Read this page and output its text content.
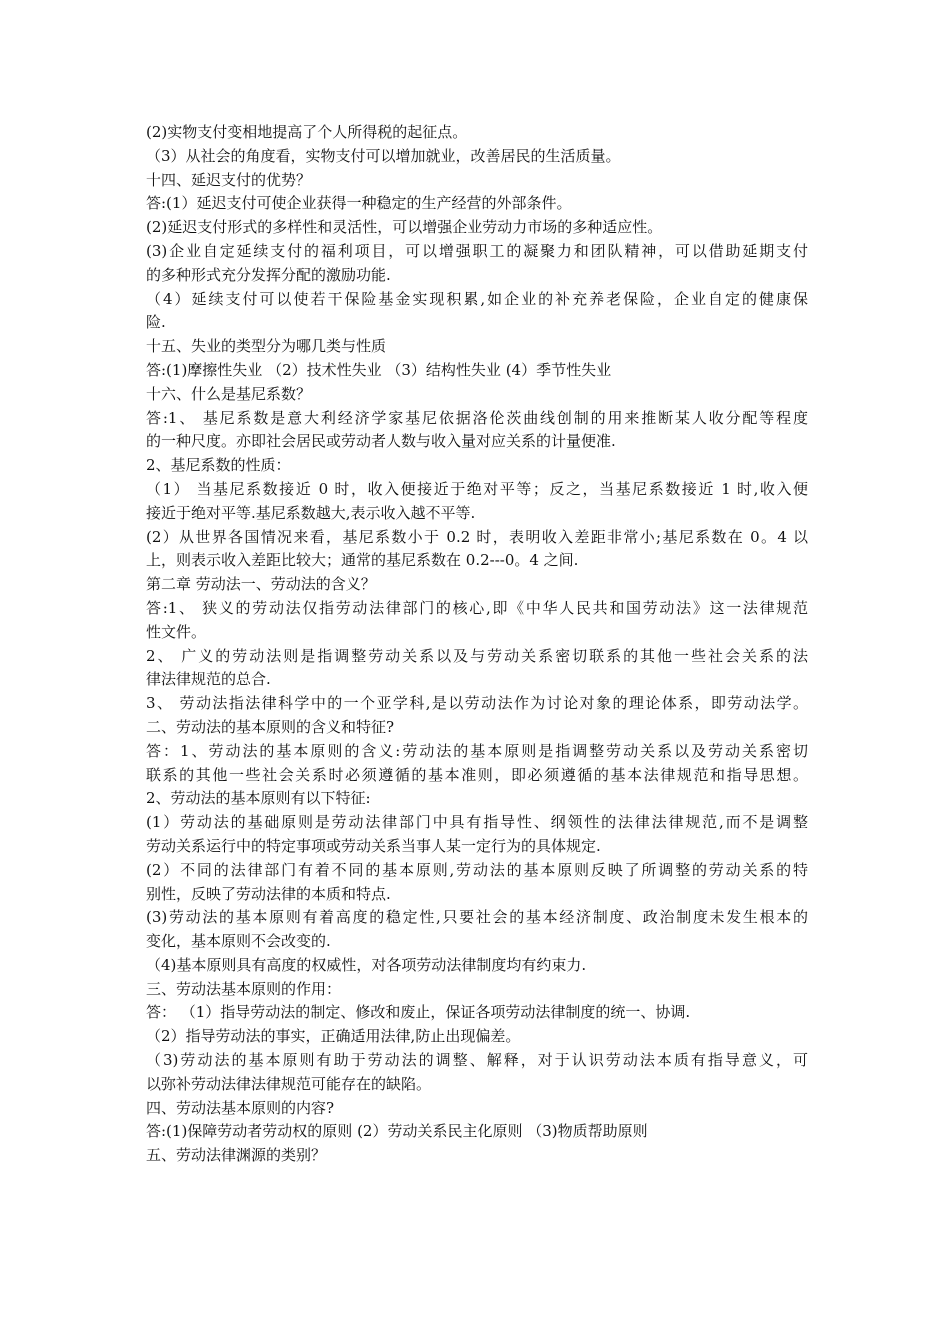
(2)实物支付变相地提高了个人所得税的起征点。
（3）从社会的角度看，实物支付可以增加就业，改善居民的生活质量。
十四、延迟支付的优势？
答:(1）延迟支付可使企业获得一种稳定的生产经营的外部条件。
(2)延迟支付形式的多样性和灵活性，可以增强企业劳动力市场的多种适应性。
(3)企业自定延续支付的福利项目，可以增强职工的凝聚力和团队精神，可以借助延期支付
的多种形式充分发挥分配的激励功能.
（4）延续支付可以使若干保险基金实现积累,如企业的补充养老保险，企业自定的健康保
险.
十五、失业的类型分为哪几类与性质
答:(1)摩擦性失业 （2）技术性失业 （3）结构性失业 (4）季节性失业
十六、什么是基尼系数？
答:1、 基尼系数是意大利经济学家基尼依据洛伦茨曲线创制的用来推断某人收分配等程度
的一种尺度。亦即社会居民或劳动者人数与收入量对应关系的计量便准.
2、基尼系数的性质：
（1） 当基尼系数接近 0 时，收入便接近于绝对平等；反之，当基尼系数接近 1 时,收入便
接近于绝对平等.基尼系数越大,表示收入越不平等.
(2）从世界各国情况来看，基尼系数小于 0.2 时，表明收入差距非常小;基尼系数在 0。4 以
上，则表示收入差距比较大；通常的基尼系数在 0.2---0。4 之间.
第二章 劳动法一、劳动法的含义？
答:1、 狭义的劳动法仅指劳动法律部门的核心,即《中华人民共和国劳动法》这一法律规范
性文件。
2、 广义的劳动法则是指调整劳动关系以及与劳动关系密切联系的其他一些社会关系的法
律法律规范的总合.
3、 劳动法指法律科学中的一个亚学科,是以劳动法作为讨论对象的理论体系，即劳动法学。
二、劳动法的基本原则的含义和特征?
答：1、劳动法的基本原则的含义:劳动法的基本原则是指调整劳动关系以及劳动关系密切
联系的其他一些社会关系时必须遵循的基本准则，即必须遵循的基本法律规范和指导思想。
2、劳动法的基本原则有以下特征:
(1）劳动法的基础原则是劳动法律部门中具有指导性、纲领性的法律法律规范,而不是调整
劳动关系运行中的特定事项或劳动关系当事人某一定行为的具体规定.
(2）不同的法律部门有着不同的基本原则,劳动法的基本原则反映了所调整的劳动关系的特
别性，反映了劳动法律的本质和特点.
(3)劳动法的基本原则有着高度的稳定性,只要社会的基本经济制度、政治制度未发生根本的
变化，基本原则不会改变的.
（4)基本原则具有高度的权威性，对各项劳动法律制度均有约束力.
三、劳动法基本原则的作用：
答： （1）指导劳动法的制定、修改和废止，保证各项劳动法律制度的统一、协调.
（2）指导劳动法的事实，正确适用法律,防止出现偏差。
（3)劳动法的基本原则有助于劳动法的调整、解释，对于认识劳动法本质有指导意义，可
以弥补劳动法律法律规范可能存在的缺陷。
四、劳动法基本原则的内容?
答:(1)保障劳动者劳动权的原则 (2）劳动关系民主化原则 （3)物质帮助原则
五、劳动法律渊源的类别？
